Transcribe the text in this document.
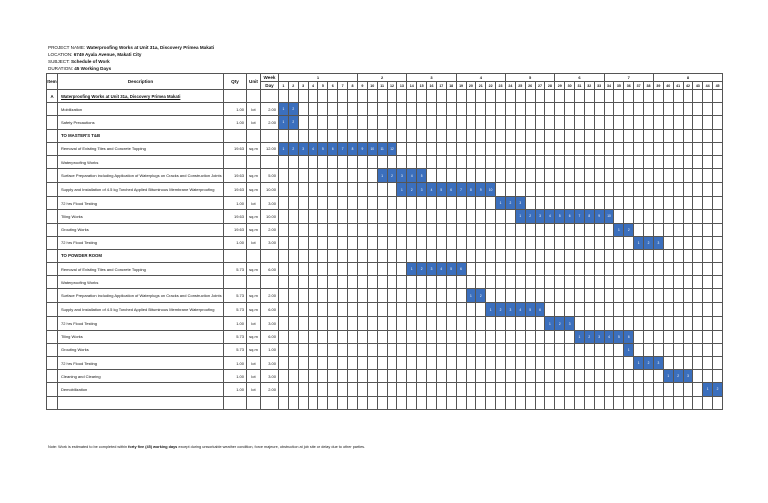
PROJECT NAME: Waterproofing Works at Unit 31a, Discovery Primea Makati
LOCATION: 6749 Ayala Avenue, Makati City
SUBJECT: Schedule of Work
DURATION: 45 Working Days
Item	Description	Qty	Unit	Week	1								2					3					4					5					6					7					8						
				Day	1	2	3	4	5	6	7	8	9	10	11	12	13	14	15	16	17	18	19	20	21	22	23	24	25	26	27	28	29	30	31	32	33	34	35	36	37	38	39	40	41	42	43	44	45
A	Waterproofing Works at Unit 31a, Discovery Primea Makati																																																
	Mobilization	1.00	lot	2.00	1	2																																											
	Safety Precautions	1.00	lot	2.00	1	2																																											
	TO MASTER'S T&B																																																
	Removal of Existing Tiles and Concrete Topping	19.63	sq.m	12.00	1	2	3	4	5	6	7	8	9	10	11	12																																	
	Waterproofing Works																																																
	Surface Preparation including Application of Waterplugs on Cracks and Construction Joints	19.63	sq.m	5.00											1	2	3	4	5																														
	Supply and Installation of 4.5 kg Torched Applied Bituminous Membrane Waterproofing	19.63	sq.m	10.00													1	2	3	4	5	6	7	8	9	10																							
	72 hrs Flood Testing	1.00	lot	3.00																							1	2	3																				
	Tiling Works	19.63	sq.m	10.00																									1	2	3	4	5	6	7	8	9	10											
	Grouting Works	19.63	sq.m	2.00																																			1	2									
	72 hrs Flood Testing	1.00	lot	3.00																																					1	2	3						
	TO POWDER ROOM																																																
	Removal of Existing Tiles and Concrete Topping	5.73	sq.m	6.00														1	2	3	4	5	6																										
	Waterproofing Works																																																
	Surface Preparation including Application of Waterplugs on Cracks and Construction Joints	5.73	sq.m	2.00																				1	2																								
	Supply and Installation of 4.5 kg Torched Applied Bituminous Membrane Waterproofing	5.73	sq.m	6.00																						1	2	3	4	5	6																		
	72 hrs Flood Testing	1.00	lot	3.00																												1	2	3															
	Tiling Works	5.73	sq.m	6.00																															1	2	3	4	5	6									
	Grouting Works	5.73	sq.m	1.00																																				1									
	72 hrs Flood Testing	1.00	lot	3.00																																					1	2	3						
	Cleaning and Clearing	1.00	lot	3.00																																								1	2	3			
	Demobilization	1.00	lot	2.00																																												1	2

Note: Work is estimated to be completed within forty five (45) working days except during unworkable weather condition, force majeure, obstruction at job site or delay due to other parties.
